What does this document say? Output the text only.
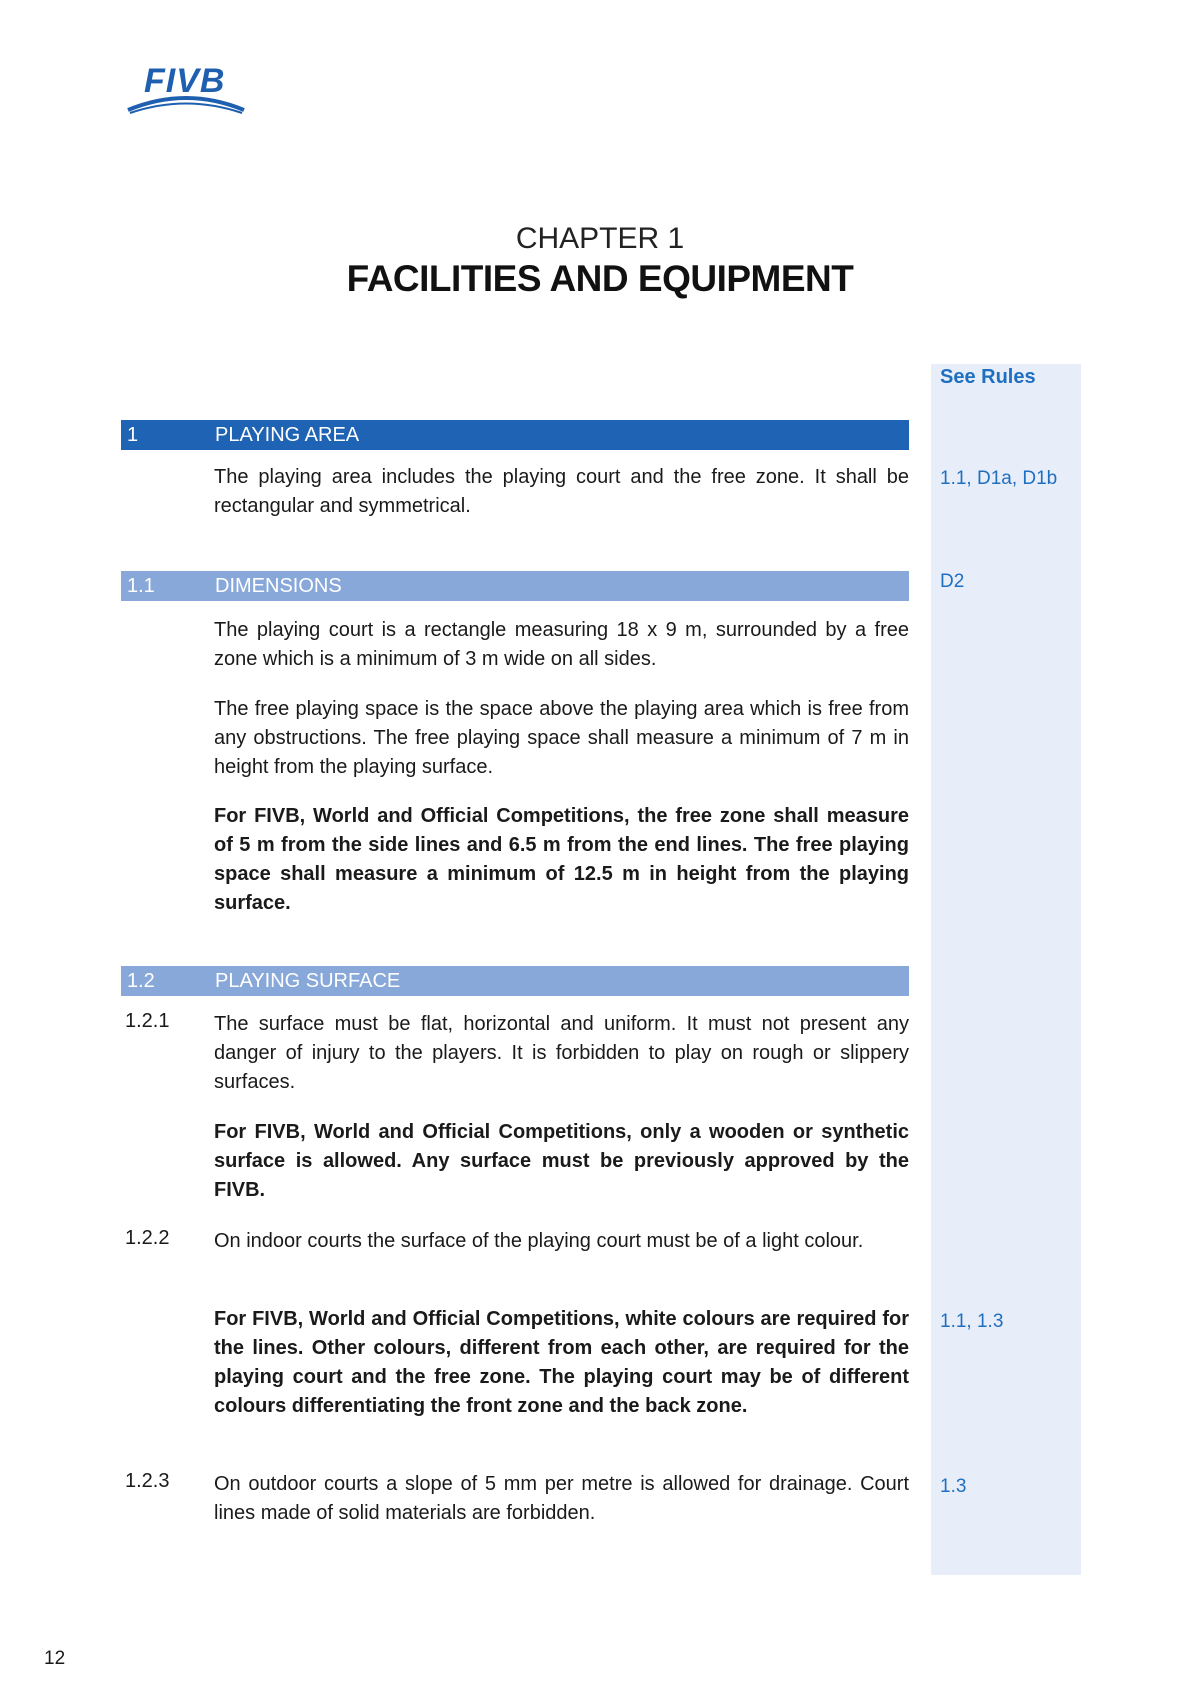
FIVB
CHAPTER 1
FACILITIES AND EQUIPMENT
See Rules
1.1, D1a, D1b
D2
1.1, 1.3
1.3
1	PLAYING AREA
The playing area includes the playing court and the free zone. It shall be rectangular and symmetrical.
1.1	DIMENSIONS
The playing court is a rectangle measuring 18 x 9 m, surrounded by a free zone which is a minimum of 3 m wide on all sides.
The free playing space is the space above the playing area which is free from any obstructions. The free playing space shall measure a minimum of 7 m in height from the playing surface.
For FIVB, World and Official Competitions, the free zone shall measure of 5 m from the side lines and 6.5 m from the end lines. The free playing space shall measure a minimum of 12.5 m in height from the playing surface.
1.2	PLAYING SURFACE
1.2.1 The surface must be flat, horizontal and uniform. It must not present any danger of injury to the players. It is forbidden to play on rough or slippery surfaces.
For FIVB, World and Official Competitions, only a wooden or synthetic surface is allowed. Any surface must be previously approved by the FIVB.
1.2.2 On indoor courts the surface of the playing court must be of a light colour.
For FIVB, World and Official Competitions, white colours are required for the lines. Other colours, different from each other, are required for the playing court and the free zone. The playing court may be of different colours differentiating the front zone and the back zone.
1.2.3 On outdoor courts a slope of 5 mm per metre is allowed for drainage. Court lines made of solid materials are forbidden.
12
